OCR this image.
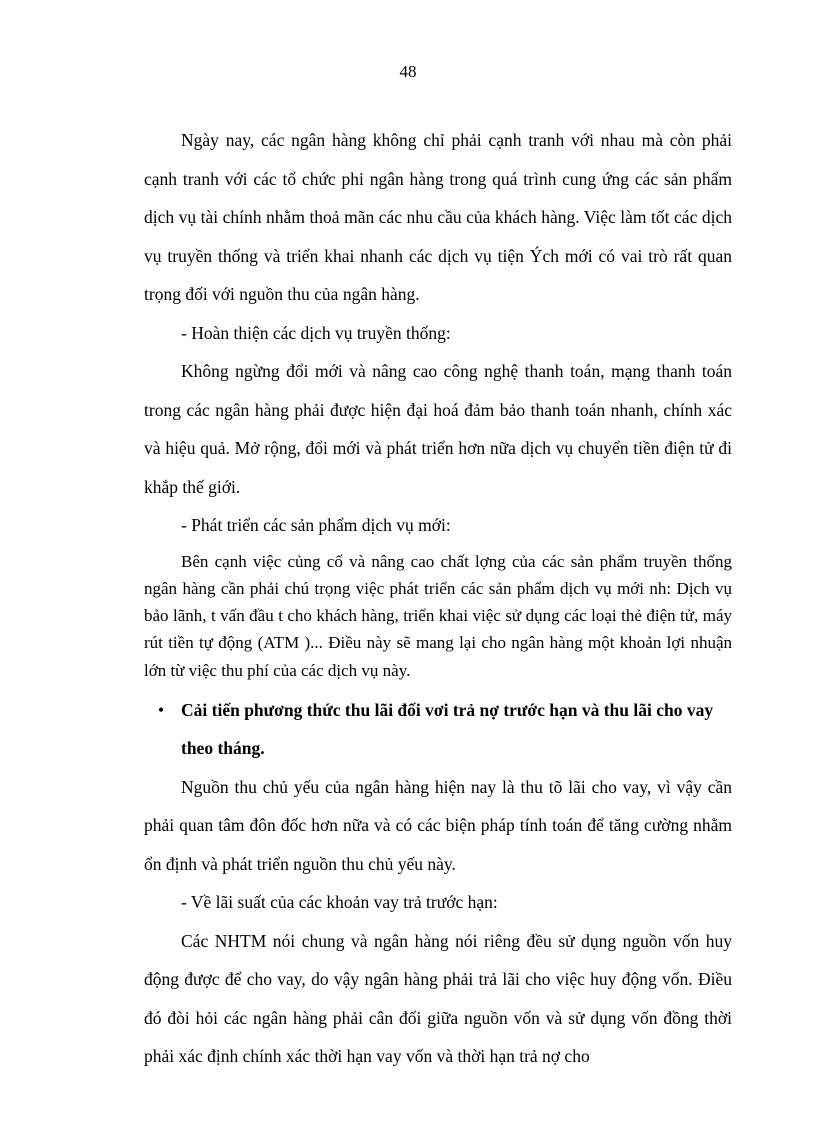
48

Ngày nay, các ngân hàng không chỉ phải cạnh tranh với nhau mà còn phải cạnh tranh với các tổ chức phi ngân hàng trong quá trình cung ứng các sản phẩm dịch vụ tài chính nhằm thoả mãn các nhu cầu của khách hàng. Việc làm tốt các dịch vụ truyền thống và triển khai nhanh các dịch vụ tiện Ých mới có vai trò rất quan trọng đối với nguồn thu của ngân hàng.

- Hoàn thiện các dịch vụ truyền thống:

Không ngừng đổi mới và nâng cao công nghệ thanh toán, mạng thanh toán trong các ngân hàng phải được hiện đại hoá đảm bảo thanh toán nhanh, chính xác và hiệu quả. Mở rộng, đổi mới và phát triển hơn nữa dịch vụ chuyển tiền điện tử đi khắp thế giới.

- Phát triển các sản phẩm dịch vụ mới:

Bên cạnh việc củng cố và nâng cao chất lợng của các sản phẩm truyền thống ngân hàng cần phải chú trọng việc phát triển các sản phẩm dịch vụ mới nh: Dịch vụ bảo lãnh, t vấn đầu t cho khách hàng, triển khai việc sử dụng các loại thẻ điện tử, máy rút tiền tự động (ATM )... Điều này sẽ mang lại cho ngân hàng một khoản lợi nhuận lớn từ việc thu phí của các dịch vụ này.

• Cải tiến phương thức thu lãi đối vơi trả nợ trước hạn và thu lãi cho vay theo tháng.

Nguồn thu chủ yếu của ngân hàng hiện nay là thu tõ lãi cho vay, vì vậy cần phải quan tâm đôn đốc hơn nữa và có các biện pháp tính toán để tăng cường nhằm ổn định và phát triển nguồn thu chủ yếu này.

- Về lãi suất của các khoản vay trả trước hạn:

Các NHTM nói chung và ngân hàng nói riêng đều sử dụng nguồn vốn huy động được để cho vay, do vậy ngân hàng phải trả lãi cho việc huy động vốn. Điều đó đòi hỏi các ngân hàng phải cân đối giữa nguồn vốn và sử dụng vốn đồng thời phải xác định chính xác thời hạn vay vốn và thời hạn trả nợ cho
